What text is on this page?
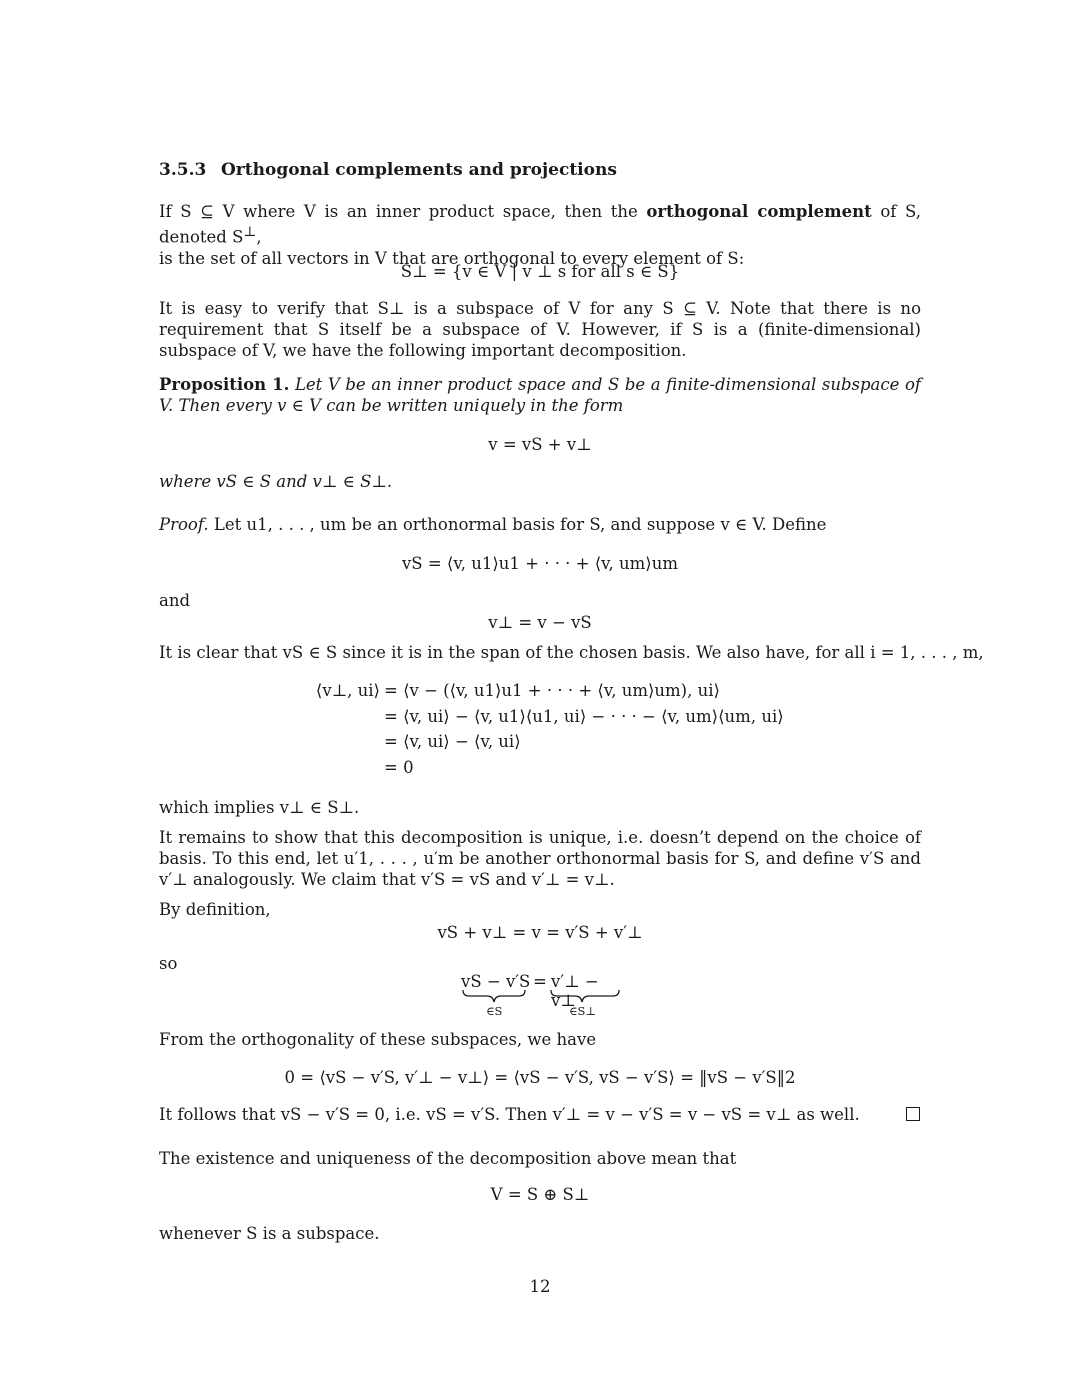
3.5.3 Orthogonal complements and projections
If S ⊆ V where V is an inner product space, then the orthogonal complement of S, denoted S⊥,
is the set of all vectors in V that are orthogonal to every element of S:
S⊥ = {v ∈ V | v ⊥ s for all s ∈ S}
It is easy to verify that S⊥ is a subspace of V for any S ⊆ V. Note that there is no requirement that S itself be a subspace of V. However, if S is a (finite-dimensional) subspace of V, we have the following important decomposition.
Proposition 1. Let V be an inner product space and S be a finite-dimensional subspace of V. Then every v ∈ V can be written uniquely in the form
v = vS + v⊥
where vS ∈ S and v⊥ ∈ S⊥.
Proof. Let u1, . . . , um be an orthonormal basis for S, and suppose v ∈ V. Define
vS = ⟨v, u1⟩u1 + · · · + ⟨v, um⟩um
and
v⊥ = v − vS
It is clear that vS ∈ S since it is in the span of the chosen basis. We also have, for all i = 1, . . . , m,
⟨v⊥, ui⟩ = ⟨v − (⟨v, u1⟩u1 + · · · + ⟨v, um⟩um), ui⟩
= ⟨v, ui⟩ − ⟨v, u1⟩⟨u1, ui⟩ − · · · − ⟨v, um⟩⟨um, ui⟩
= ⟨v, ui⟩ − ⟨v, ui⟩
= 0
which implies v⊥ ∈ S⊥.
It remains to show that this decomposition is unique, i.e. doesn’t depend on the choice of basis. To this end, let u′1, . . . , u′m be another orthonormal basis for S, and define v′S and v′⊥ analogously. We claim that v′S = vS and v′⊥ = v⊥.
By definition,
vS + v⊥ = v = v′S + v′⊥
so
vS − v′S = v′⊥ − v⊥
∈S	∈S⊥
From the orthogonality of these subspaces, we have
0 = ⟨vS − v′S, v′⊥ − v⊥⟩ = ⟨vS − v′S, vS − v′S⟩ = ‖vS − v′S‖2
It follows that vS − v′S = 0, i.e. vS = v′S. Then v′⊥ = v − v′S = v − vS = v⊥ as well.
The existence and uniqueness of the decomposition above mean that
V = S ⊕ S⊥
whenever S is a subspace.
12
